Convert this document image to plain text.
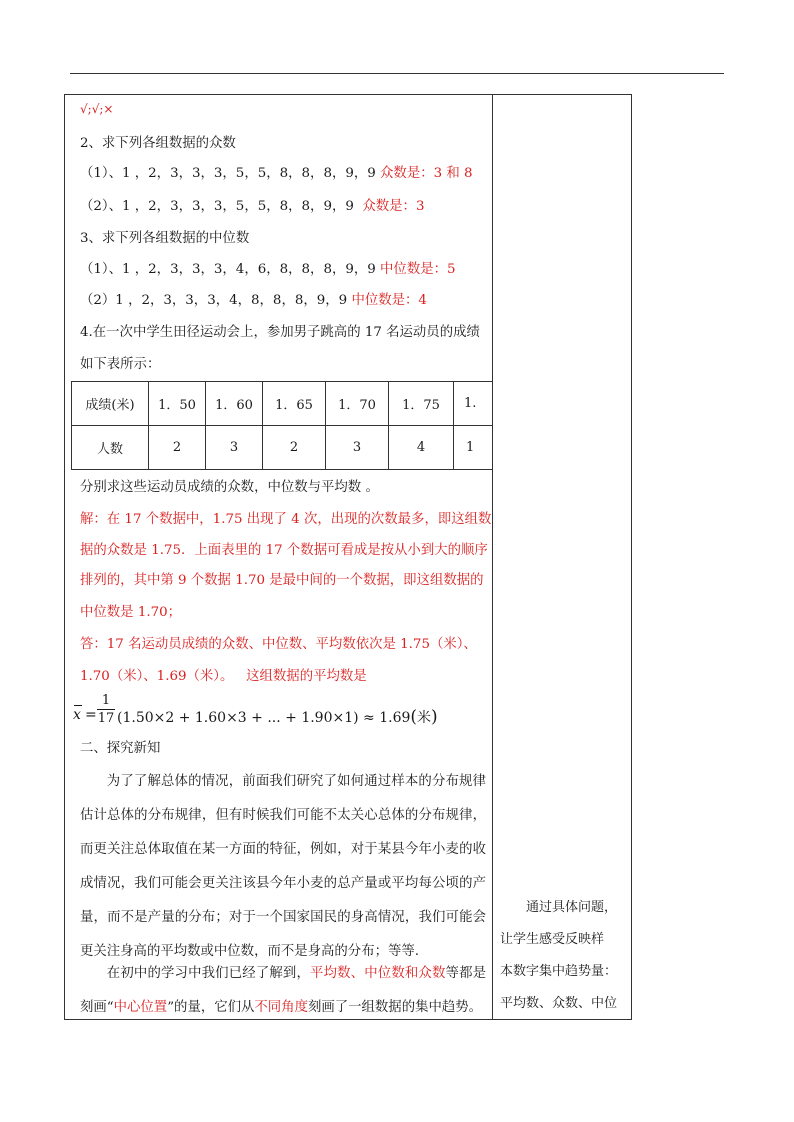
√;√;×
2、求下列各组数据的众数
（1）、1 ，2，3，3，3，5，5，8，8，8，9，9 众数是：3 和 8
（2）、1 ，2，3，3，3，5，5，8，8，9，9 众数是：3
3、求下列各组数据的中位数
（1）、1 ，2，3，3，3，4，6，8，8，8，9，9 中位数是：5
（2）1 ，2，3，3，3，4，8，8，8，9，9 中位数是：4
4.在一次中学生田径运动会上，参加男子跳高的 17 名运动员的成绩
如下表所示：
成绩(米)	1．50	1．60	1．65	1．70	1．75	1.
人数	2	3	2	3	4	1
分别求这些运动员成绩的众数，中位数与平均数 。
解：在 17 个数据中，1.75 出现了 4 次，出现的次数最多，即这组数
据的众数是 1.75．上面表里的 17 个数据可看成是按从小到大的顺序
排列的，其中第 9 个数据 1.70 是最中间的一个数据，即这组数据的
中位数是 1.70；
答：17 名运动员成绩的众数、中位数、平均数依次是 1.75（米）、
1.70（米）、1.69（米）。 这组数据的平均数是
x =
1
17 (1.50×2 + 1.60×3 + ... + 1.90×1) ≈ 1.69(米)
二、探究新知

为了了解总体的情况，前面我们研究了如何通过样本的分布规律估计总体的分布规律，但有时候我们可能不太关心总体的分布规律，而更关注总体取值在某一方面的特征，例如，对于某县今年小麦的收成情况，我们可能会更关注该县今年小麦的总产量或平均每公顷的产量，而不是产量的分布；对于一个国家国民的身高情况，我们可能会更关注身高的平均数或中位数，而不是身高的分布；等等.

在初中的学习中我们已经了解到，平均数、中位数和众数等都是刻画“中心位置”的量，它们从不同角度刻画了一组数据的集中趋势。

通过具体问题，
让学生感受反映样
本数字集中趋势量：
平均数、众数、中位
